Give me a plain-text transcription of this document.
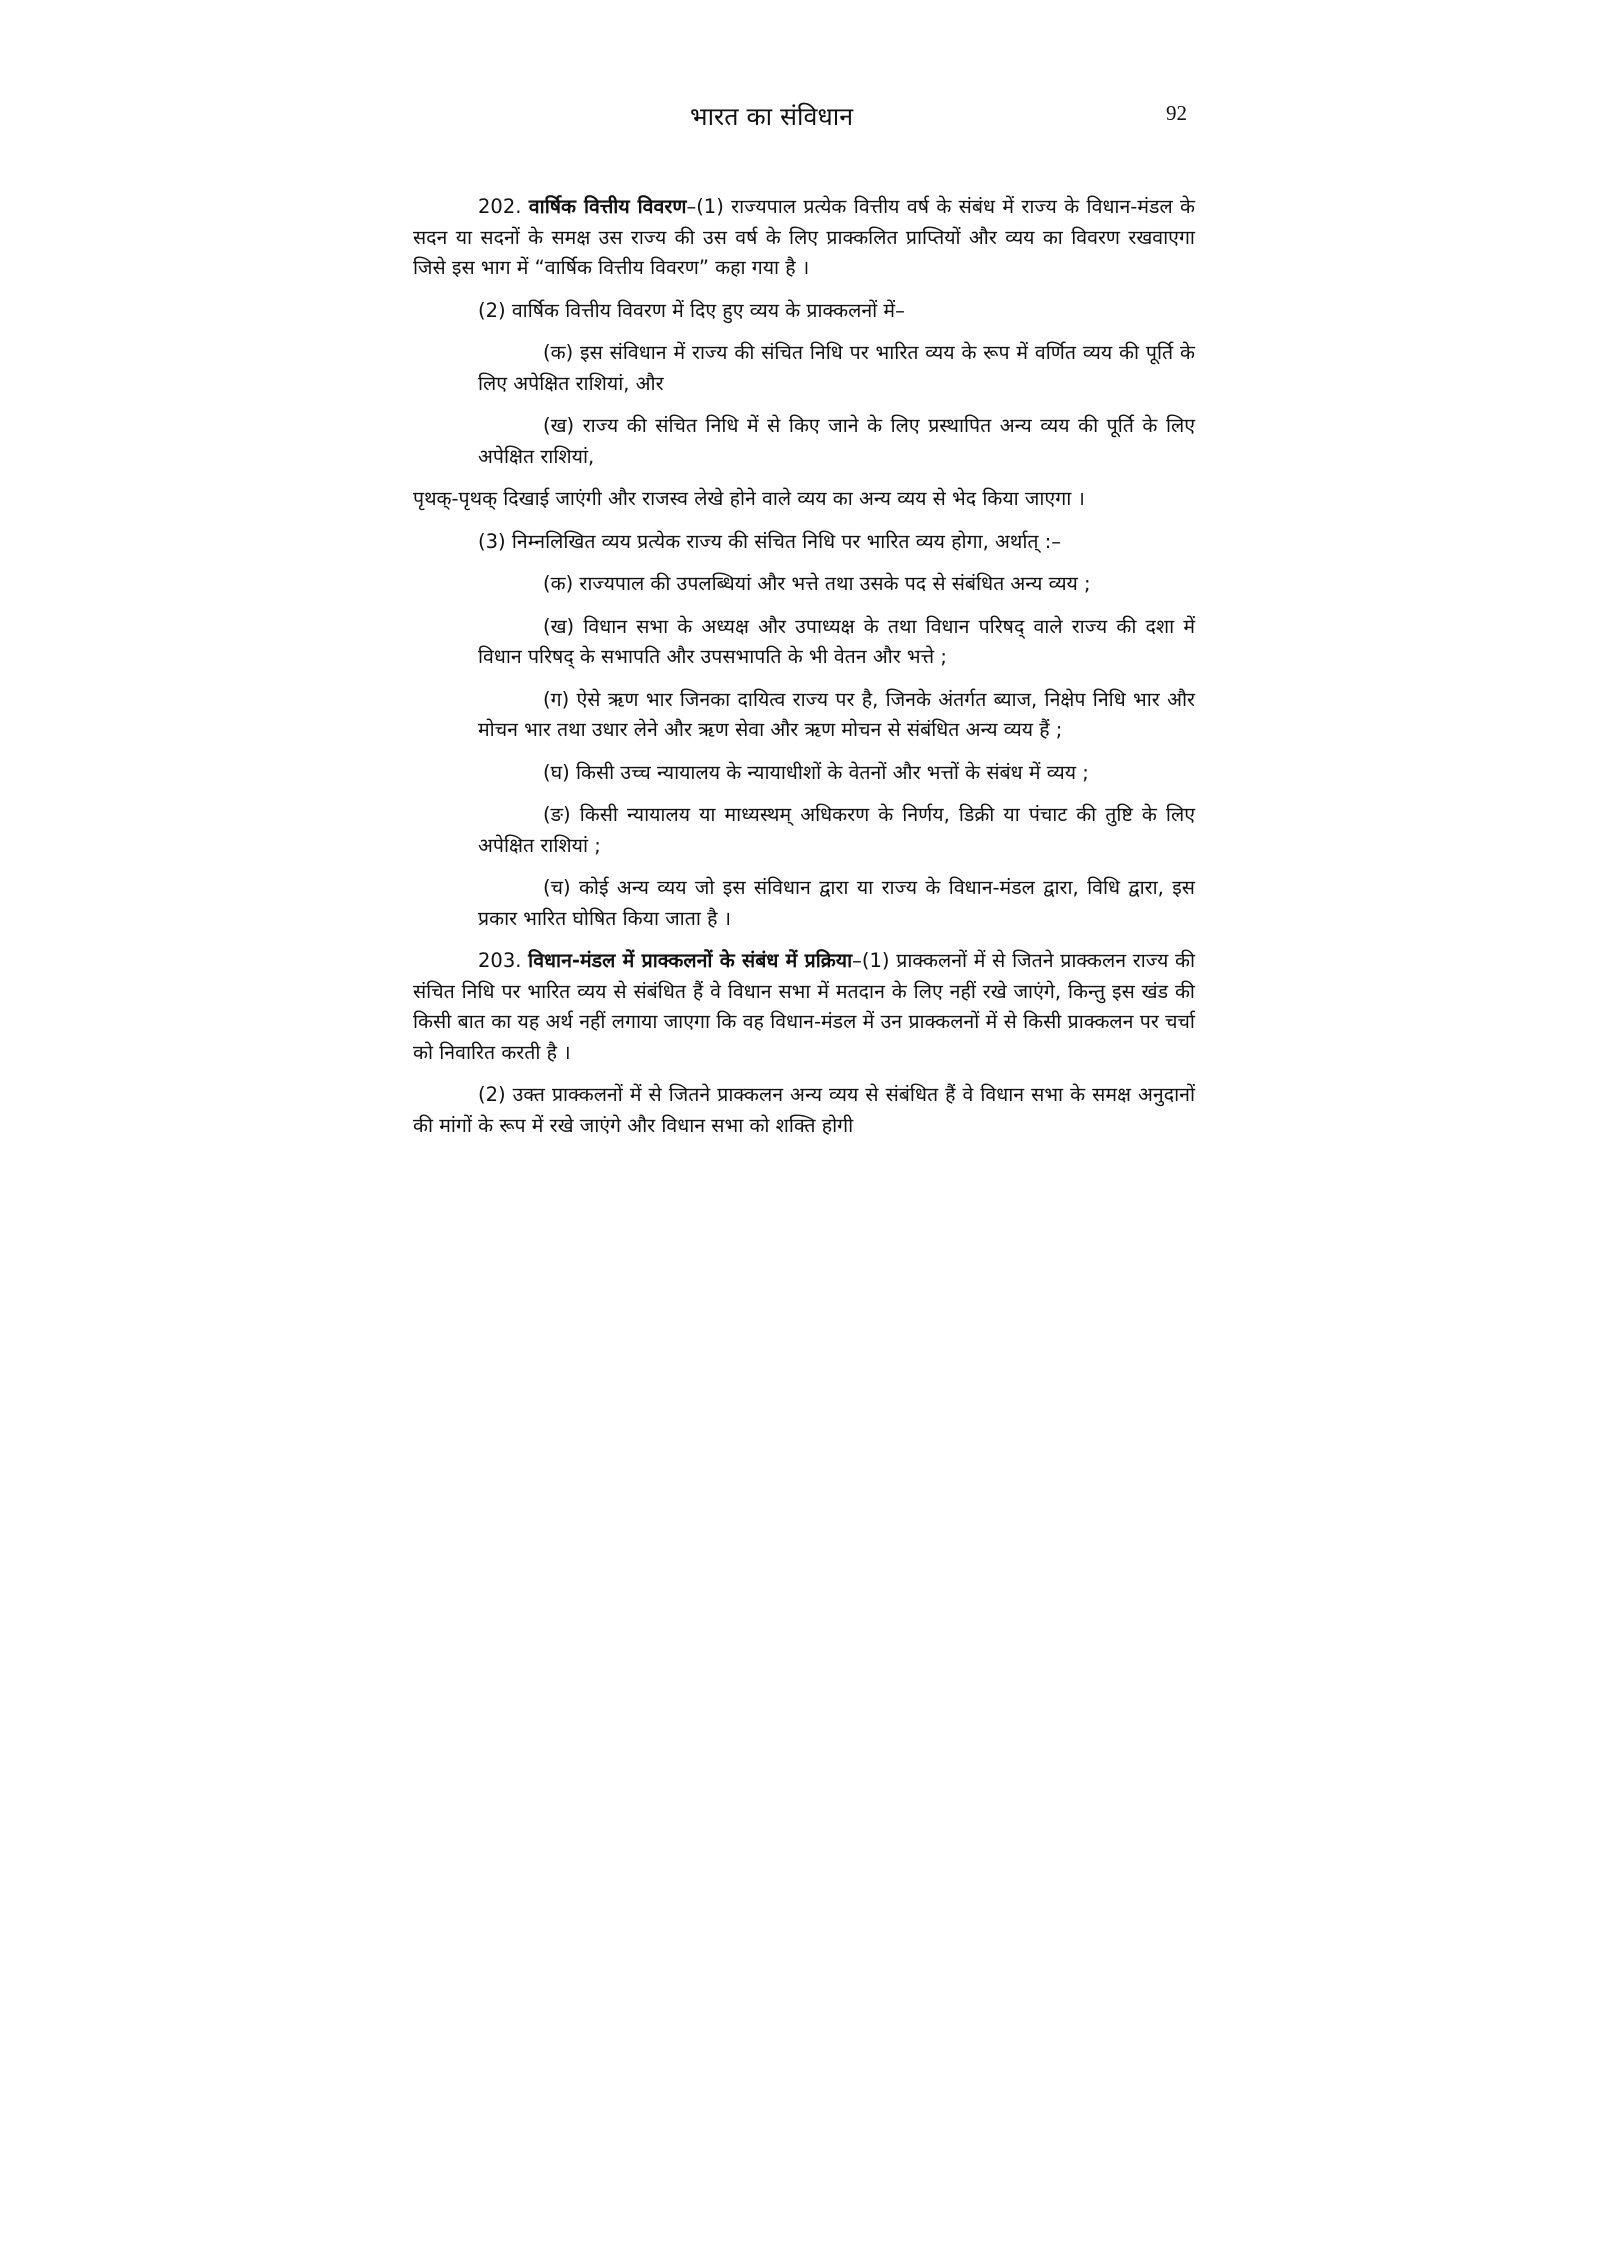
भारत का संविधान	92

202. वार्षिक वित्तीय विवरण–(1) राज्यपाल प्रत्येक वित्तीय वर्ष के संबंध में राज्य के विधान-मंडल के सदन या सदनों के समक्ष उस राज्य की उस वर्ष के लिए प्राक्कलित प्राप्तियों और व्यय का विवरण रखवाएगा जिसे इस भाग में “वार्षिक वित्तीय विवरण” कहा गया है ।

(2) वार्षिक वित्तीय विवरण में दिए हुए व्यय के प्राक्कलनों में–

(क) इस संविधान में राज्य की संचित निधि पर भारित व्यय के रूप में वर्णित व्यय की पूर्ति के लिए अपेक्षित राशियां, और

(ख) राज्य की संचित निधि में से किए जाने के लिए प्रस्थापित अन्य व्यय की पूर्ति के लिए अपेक्षित राशियां,

पृथक्-पृथक् दिखाई जाएंगी और राजस्व लेखे होने वाले व्यय का अन्य व्यय से भेद किया जाएगा ।

(3) निम्नलिखित व्यय प्रत्येक राज्य की संचित निधि पर भारित व्यय होगा, अर्थात् :–

(क) राज्यपाल की उपलब्धियां और भत्ते तथा उसके पद से संबंधित अन्य व्यय ;

(ख) विधान सभा के अध्यक्ष और उपाध्यक्ष के तथा विधान परिषद् वाले राज्य की दशा में विधान परिषद् के सभापति और उपसभापति के भी वेतन और भत्ते ;

(ग) ऐसे ऋण भार जिनका दायित्व राज्य पर है, जिनके अंतर्गत ब्याज, निक्षेप निधि भार और मोचन भार तथा उधार लेने और ऋण सेवा और ऋण मोचन से संबंधित अन्य व्यय हैं ;

(घ) किसी उच्च न्यायालय के न्यायाधीशों के वेतनों और भत्तों के संबंध में व्यय ;

(ङ) किसी न्यायालय या माध्यस्थम् अधिकरण के निर्णय, डिक्री या पंचाट की तुष्टि के लिए अपेक्षित राशियां ;

(च) कोई अन्य व्यय जो इस संविधान द्वारा या राज्य के विधान-मंडल द्वारा, विधि द्वारा, इस प्रकार भारित घोषित किया जाता है ।

203. विधान-मंडल में प्राक्कलनों के संबंध में प्रक्रिया–(1) प्राक्कलनों में से जितने प्राक्कलन राज्य की संचित निधि पर भारित व्यय से संबंधित हैं वे विधान सभा में मतदान के लिए नहीं रखे जाएंगे, किन्तु इस खंड की किसी बात का यह अर्थ नहीं लगाया जाएगा कि वह विधान-मंडल में उन प्राक्कलनों में से किसी प्राक्कलन पर चर्चा को निवारित करती है ।

(2) उक्त प्राक्कलनों में से जितने प्राक्कलन अन्य व्यय से संबंधित हैं वे विधान सभा के समक्ष अनुदानों की मांगों के रूप में रखे जाएंगे और विधान सभा को शक्ति होगी
